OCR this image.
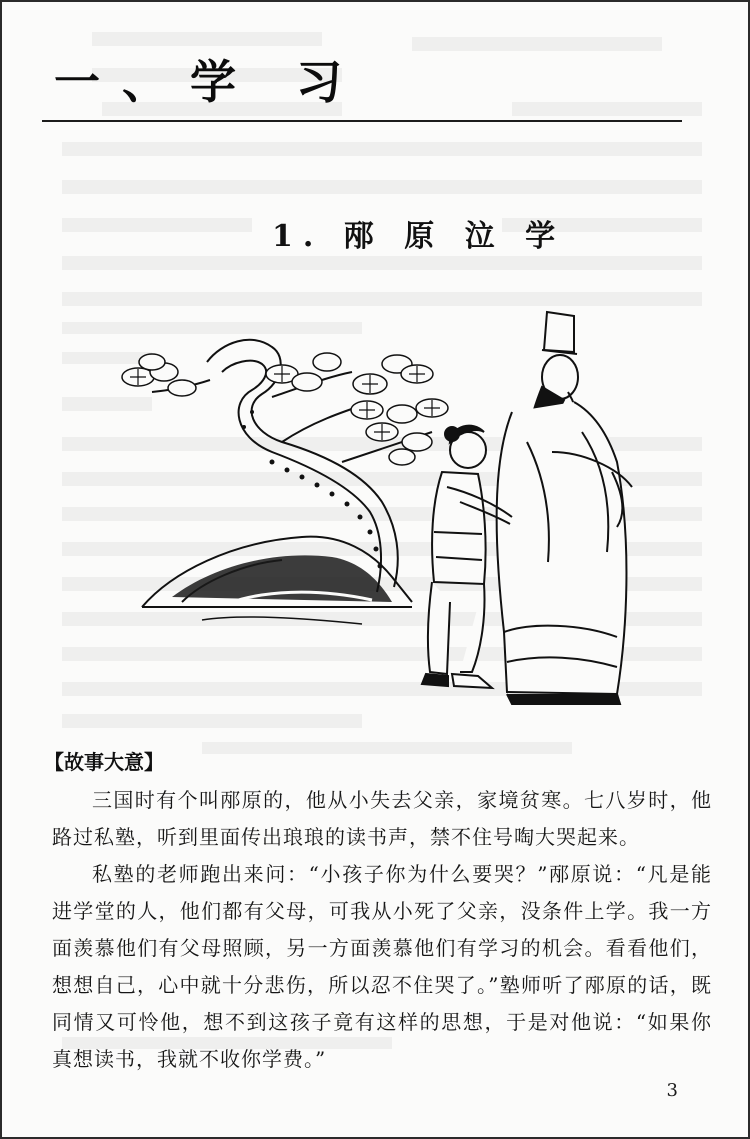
一、学 习
1. 邴 原 泣 学
【故事大意】

三国时有个叫邴原的，他从小失去父亲，家境贫寒。七八岁时，他路过私塾，听到里面传出琅琅的读书声，禁不住号啕大哭起来。

私塾的老师跑出来问：“小孩子你为什么要哭？”邴原说：“凡是能进学堂的人，他们都有父母，可我从小死了父亲，没条件上学。我一方面羡慕他们有父母照顾，另一方面羡慕他们有学习的机会。看看他们，想想自己，心中就十分悲伤，所以忍不住哭了。”塾师听了邴原的话，既同情又可怜他，想不到这孩子竟有这样的思想，于是对他说：“如果你真想读书，我就不收你学费。”

3
